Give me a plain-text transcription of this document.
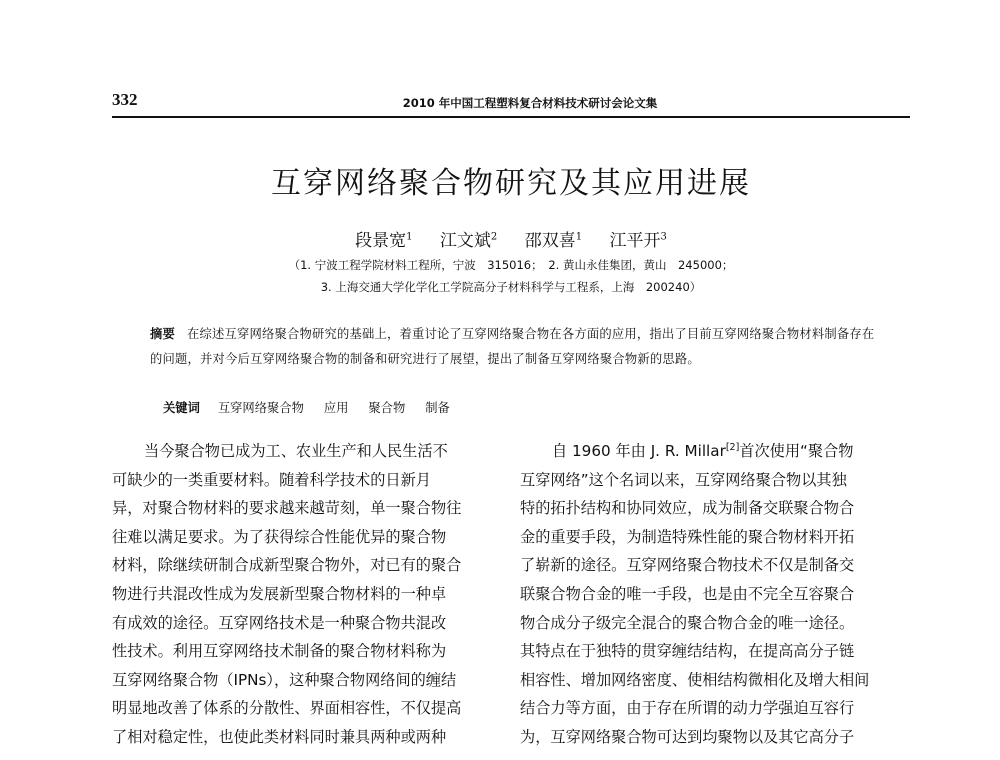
332	2010 年中国工程塑料复合材料技术研讨会论文集
互穿网络聚合物研究及其应用进展
段景宽$^1$ 江文斌$^2$ 邵双喜$^1$ 江平开$^3$
（1. 宁波工程学院材料工程所，宁波　315016；　2. 黄山永佳集团，黄山　245000；
3. 上海交通大学化学化工学院高分子材料科学与工程系，上海　200240）
摘要 在综述互穿网络聚合物研究的基础上，着重讨论了互穿网络聚合物在各方面的应用，指出了目前互穿网络聚合物材料制备存在的问题，并对今后互穿网络聚合物的制备和研究进行了展望，提出了制备互穿网络聚合物新的思路。
关键词 互穿网络聚合物 应用 聚合物 制备
当今聚合物已成为工、农业生产和人民生活不
可缺少的一类重要材料。随着科学技术的日新月
异，对聚合物材料的要求越来越苛刻，单一聚合物往
往难以满足要求。为了获得综合性能优异的聚合物
材料，除继续研制合成新型聚合物外，对已有的聚合
物进行共混改性成为发展新型聚合物材料的一种卓
有成效的途径。互穿网络技术是一种聚合物共混改
性技术。利用互穿网络技术制备的聚合物材料称为
互穿网络聚合物（IPNs），这种聚合物网络间的缠结
明显地改善了体系的分散性、界面相容性，不仅提高
了相对稳定性，也使此类材料同时兼具两种或两种
自 1960 年由 J. R. Millar[2]首次使用“聚合物
互穿网络”这个名词以来，互穿网络聚合物以其独
特的拓扑结构和协同效应，成为制备交联聚合物合
金的重要手段，为制造特殊性能的聚合物材料开拓
了崭新的途径。互穿网络聚合物技术不仅是制备交
联聚合物合金的唯一手段，也是由不完全互容聚合
物合成分子级完全混合的聚合物合金的唯一途径。
其特点在于独特的贯穿缠结结构，在提高高分子链
相容性、增加网络密度、使相结构微相化及增大相间
结合力等方面，由于存在所谓的动力学强迫互容行
为，互穿网络聚合物可达到均聚物以及其它高分子
